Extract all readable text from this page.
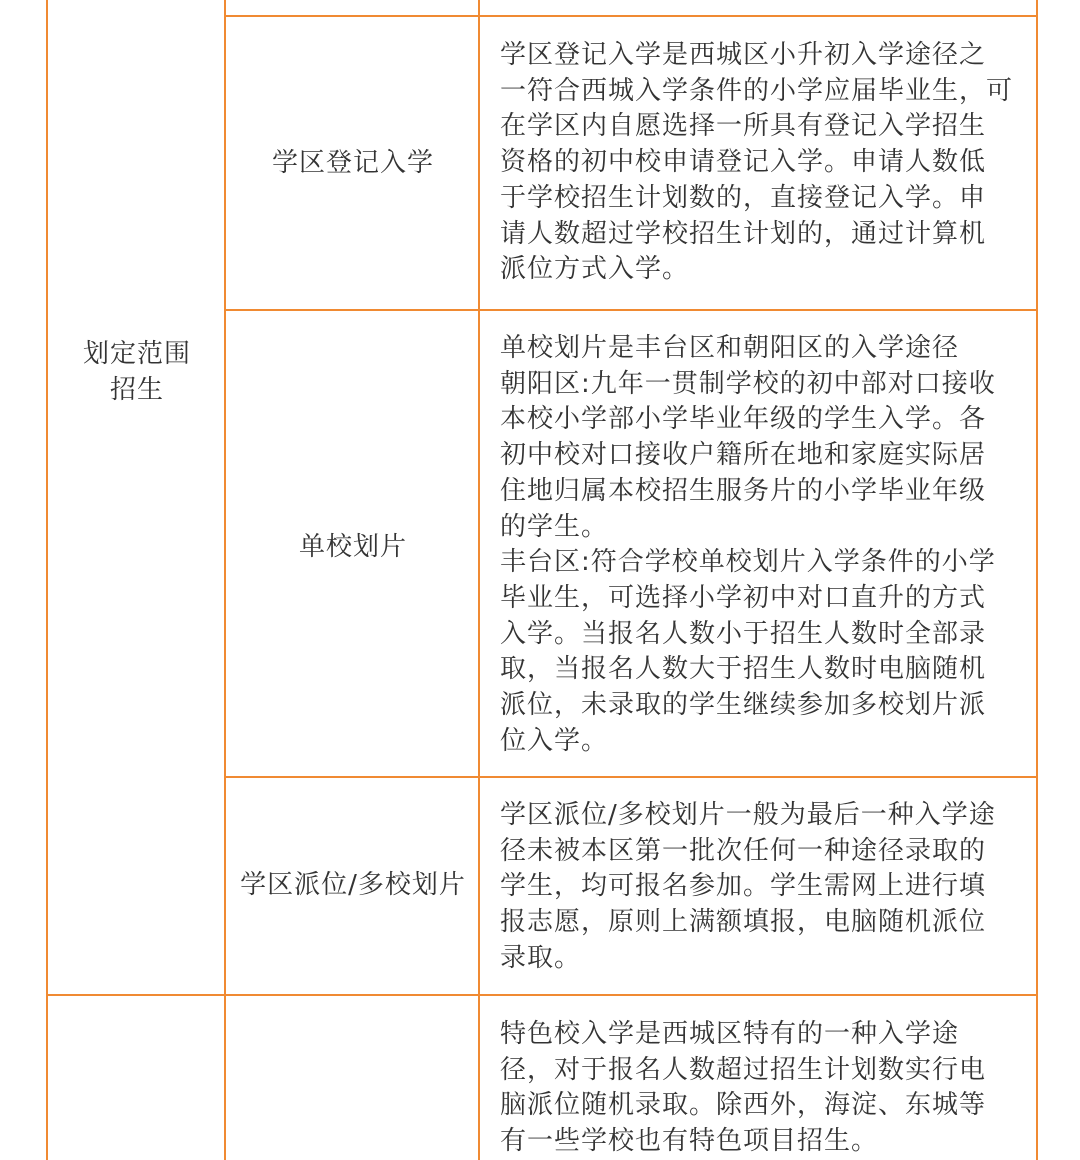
划定范围
招生
学区登记入学
学区登记入学是西城区小升初入学途径之
一符合西城入学条件的小学应届毕业生，可
在学区内自愿选择一所具有登记入学招生
资格的初中校申请登记入学。申请人数低
于学校招生计划数的，直接登记入学。申
请人数超过学校招生计划的，通过计算机
派位方式入学。
单校划片
单校划片是丰台区和朝阳区的入学途径
朝阳区:九年一贯制学校的初中部对口接收
本校小学部小学毕业年级的学生入学。各
初中校对口接收户籍所在地和家庭实际居
住地归属本校招生服务片的小学毕业年级
的学生。
丰台区:符合学校单校划片入学条件的小学
毕业生，可选择小学初中对口直升的方式
入学。当报名人数小于招生人数时全部录
取，当报名人数大于招生人数时电脑随机
派位，未录取的学生继续参加多校划片派
位入学。
学区派位/多校划片
学区派位/多校划片一般为最后一种入学途
径未被本区第一批次任何一种途径录取的
学生，均可报名参加。学生需网上进行填
报志愿，原则上满额填报，电脑随机派位
录取。
特色校入学是西城区特有的一种入学途
径，对于报名人数超过招生计划数实行电
脑派位随机录取。除西外，海淀、东城等
有一些学校也有特色项目招生。
